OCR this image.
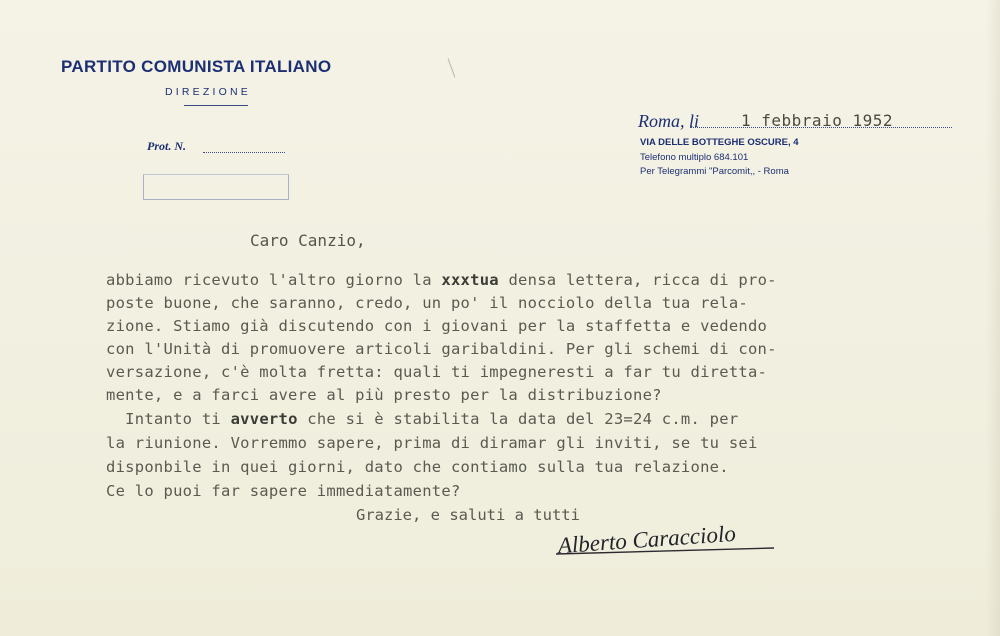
PARTITO COMUNISTA ITALIANO
DIREZIONE
Prot. N.
Roma, li	1 febbraio 1952
VIA DELLE BOTTEGHE OSCURE, 4
Telefono multiplo 684.101
Per Telegrammi "Parcomit,, - Roma
Caro Canzio,
abbiamo ricevuto l'altro giorno la xxxtua densa lettera, ricca di pro-
poste buone, che saranno, credo, un po' il nocciolo della tua rela-
zione. Stiamo già discutendo con i giovani per la staffetta e vedendo
con l'Unità di promuovere articoli garibaldini. Per gli schemi di con-
versazione, c'è molta fretta: quali ti impegneresti a far tu diretta-
mente, e a farci avere al più presto per la distribuzione?
Intanto ti avverto che si è stabilita la data del 23=24 c.m. per
la riunione. Vorremmo sapere, prima di diramar gli inviti, se tu sei
disponbile in quei giorni, dato che contiamo sulla tua relazione.
Ce lo puoi far sapere immediatamente?
Grazie, e saluti a tutti
Alberto Caracciolo
